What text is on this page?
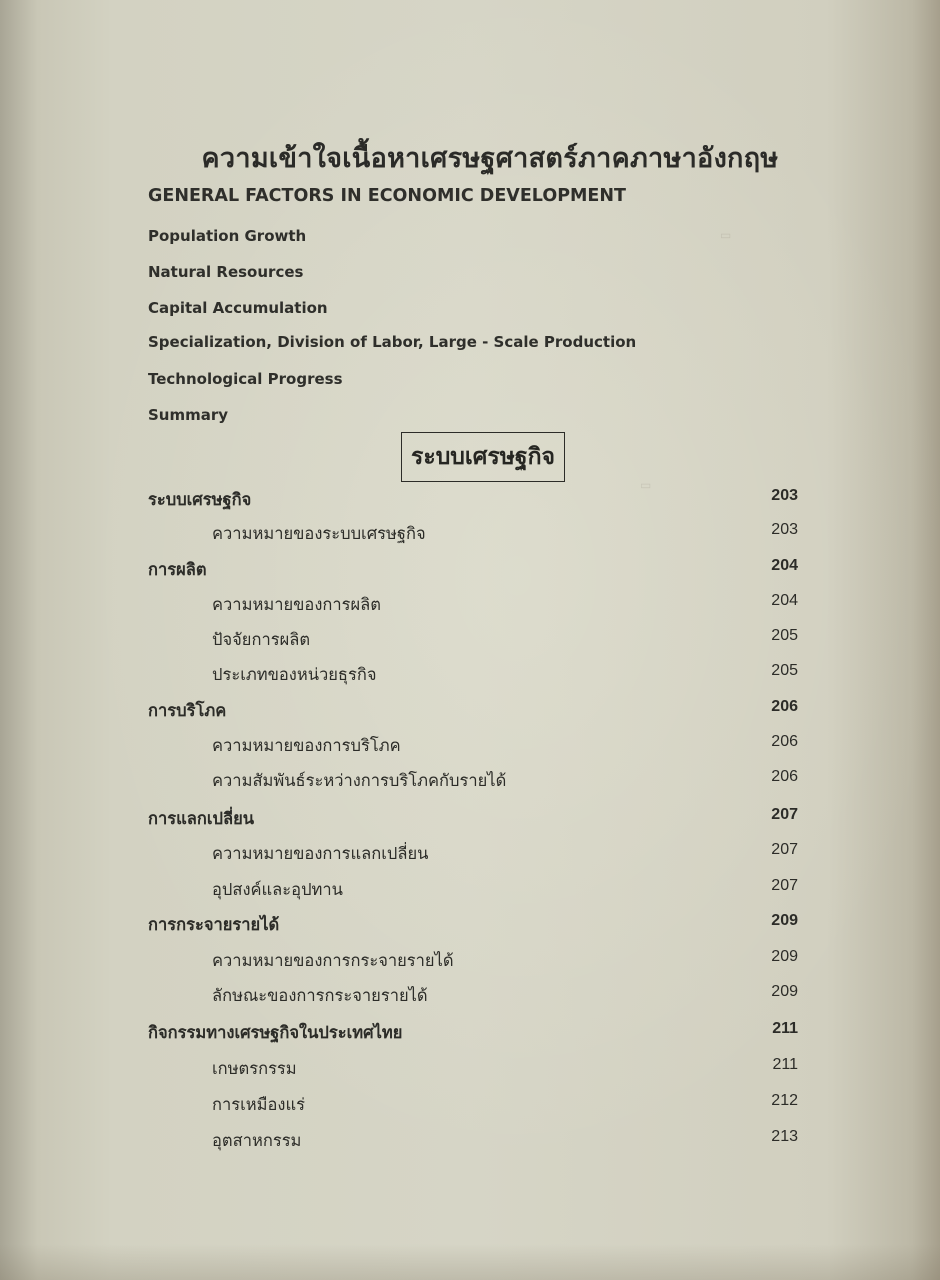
▭
▭
ความเข้าใจเนื้อหาเศรษฐศาสตร์ภาคภาษาอังกฤษ
GENERAL FACTORS IN ECONOMIC DEVELOPMENT
Population Growth
Natural Resources
Capital Accumulation
Specialization, Division of Labor, Large - Scale Production
Technological Progress
Summary
ระบบเศรษฐกิจ
ระบบเศรษฐกิจ	203
ความหมายของระบบเศรษฐกิจ	203
การผลิต	204
ความหมายของการผลิต	204
ปัจจัยการผลิต	205
ประเภทของหน่วยธุรกิจ	205
การบริโภค	206
ความหมายของการบริโภค	206
ความสัมพันธ์ระหว่างการบริโภคกับรายได้	206
การแลกเปลี่ยน	207
ความหมายของการแลกเปลี่ยน	207
อุปสงค์และอุปทาน	207
การกระจายรายได้	209
ความหมายของการกระจายรายได้	209
ลักษณะของการกระจายรายได้	209
กิจกรรมทางเศรษฐกิจในประเทศไทย	211
เกษตรกรรม	211
การเหมืองแร่	212
อุตสาหกรรม	213
